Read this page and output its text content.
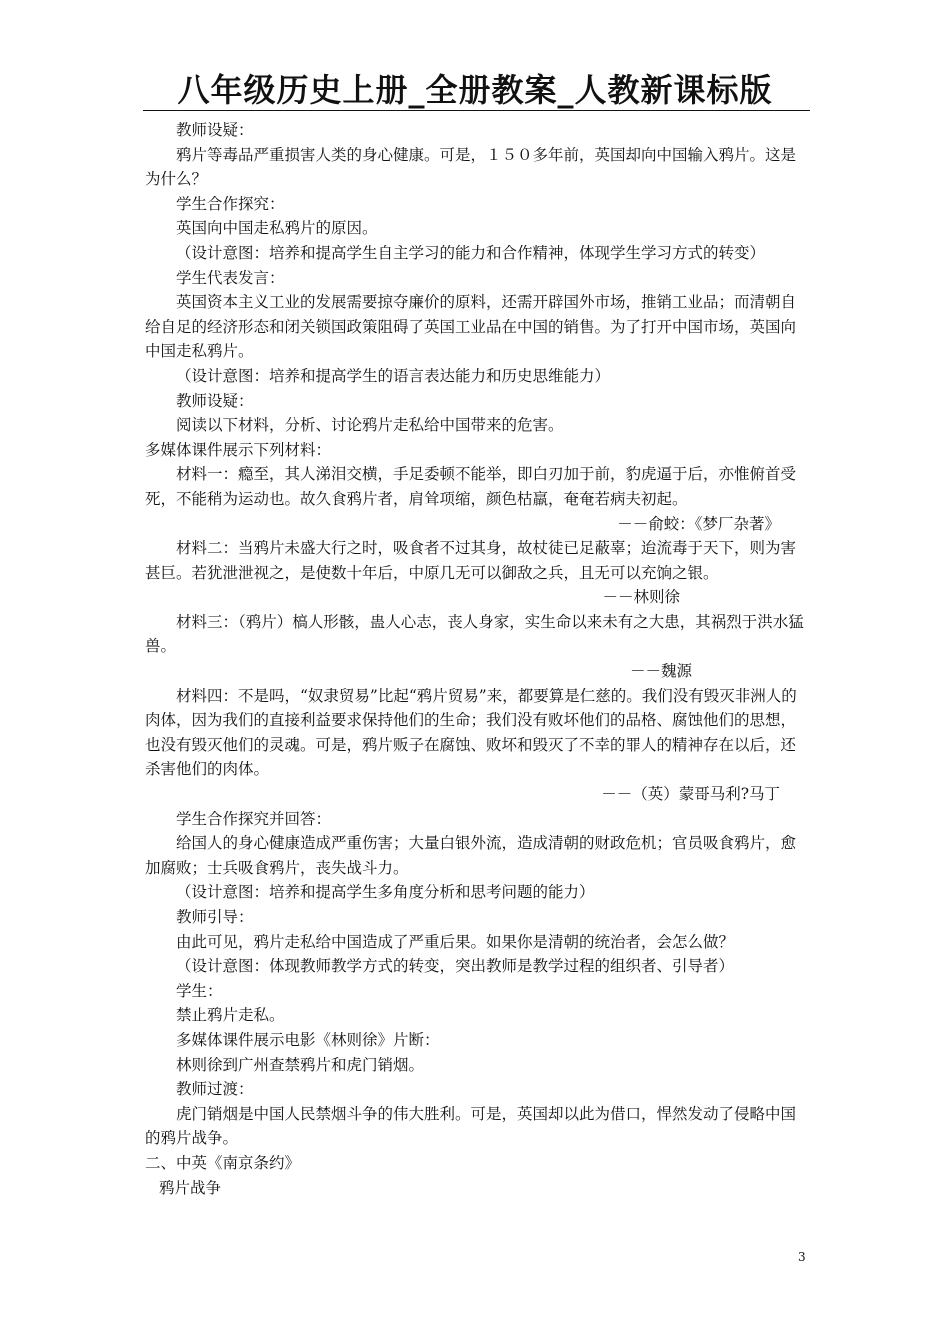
八年级历史上册_全册教案_人教新课标版

教师设疑：

鸦片等毒品严重损害人类的身心健康。可是，１５０多年前，英国却向中国输入鸦片。这是为什么？

学生合作探究：

英国向中国走私鸦片的原因。

（设计意图：培养和提高学生自主学习的能力和合作精神，体现学生学习方式的转变）

学生代表发言：

英国资本主义工业的发展需要掠夺廉价的原料，还需开辟国外市场，推销工业品；而清朝自给自足的经济形态和闭关锁国政策阻碍了英国工业品在中国的销售。为了打开中国市场，英国向中国走私鸦片。

（设计意图：培养和提高学生的语言表达能力和历史思维能力）

教师设疑：

阅读以下材料，分析、讨论鸦片走私给中国带来的危害。

多媒体课件展示下列材料：

材料一：瘾至，其人涕泪交横，手足委顿不能举，即白刃加于前，豹虎逼于后，亦惟俯首受死，不能稍为运动也。故久食鸦片者，肩耸项缩，颜色枯羸，奄奄若病夫初起。

－－俞蛟：《梦厂杂著》

材料二：当鸦片未盛大行之时，吸食者不过其身，故杖徒已足蔽辜；迨流毒于天下，则为害甚巨。若犹泄泄视之，是使数十年后，中原几无可以御敌之兵，且无可以充饷之银。

－－林则徐

材料三：（鸦片）槁人形骸，蛊人心志，丧人身家，实生命以来未有之大患，其祸烈于洪水猛兽。

－－魏源

材料四：不是吗，“奴隶贸易”比起“鸦片贸易”来，都要算是仁慈的。我们没有毁灭非洲人的肉体，因为我们的直接利益要求保持他们的生命；我们没有败坏他们的品格、腐蚀他们的思想，也没有毁灭他们的灵魂。可是，鸦片贩子在腐蚀、败坏和毁灭了不幸的罪人的精神存在以后，还杀害他们的肉体。

－－（英）蒙哥马利?马丁

学生合作探究并回答：

给国人的身心健康造成严重伤害；大量白银外流，造成清朝的财政危机；官员吸食鸦片，愈加腐败；士兵吸食鸦片，丧失战斗力。

（设计意图：培养和提高学生多角度分析和思考问题的能力）

教师引导：

由此可见，鸦片走私给中国造成了严重后果。如果你是清朝的统治者，会怎么做？

（设计意图：体现教师教学方式的转变，突出教师是教学过程的组织者、引导者）

学生：

禁止鸦片走私。

多媒体课件展示电影《林则徐》片断：

林则徐到广州查禁鸦片和虎门销烟。

教师过渡：

虎门销烟是中国人民禁烟斗争的伟大胜利。可是，英国却以此为借口，悍然发动了侵略中国的鸦片战争。

二、中英《南京条约》

鸦片战争

3
